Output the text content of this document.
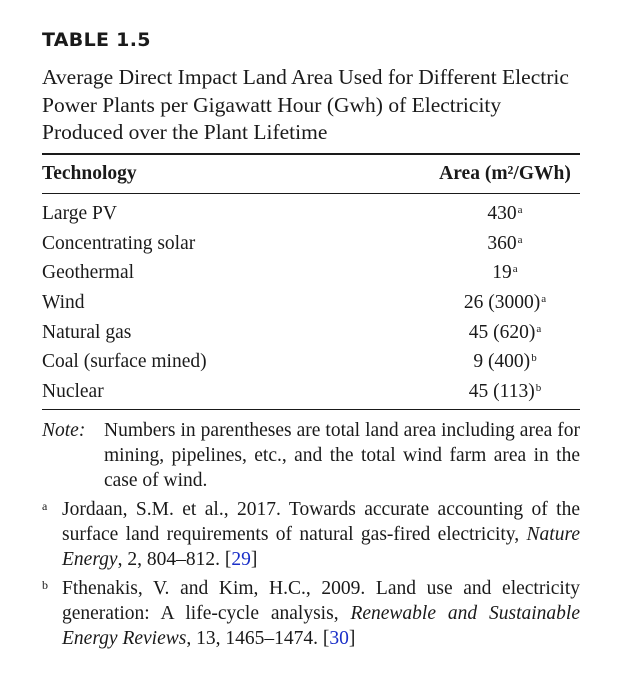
TABLE 1.5
Average Direct Impact Land Area Used for Different Electric Power Plants per Gigawatt Hour (Gwh) of Electricity Produced over the Plant Lifetime
Technology	Area (m²/GWh)
Large PV	430$^a$
Concentrating solar	360$^a$
Geothermal	19$^a$
Wind	26 $(3000)^a$
Natural gas	45 $(620)^a$
Coal (surface mined)	9 $(400)^b$
Nuclear	45 $(113)^b$
Note: Numbers in parentheses are total land area including area for mining, pipelines, etc., and the total wind farm area in the case of wind.
a Jordaan, S.M. et al., 2017. Towards accurate accounting of the surface land requirements of natural gas-fired electricity, Nature Energy, 2, 804–812. [29]
b Fthenakis, V. and Kim, H.C., 2009. Land use and electricity generation: A life-cycle analysis, Renewable and Sustainable Energy Reviews, 13, 1465–1474. [30]
